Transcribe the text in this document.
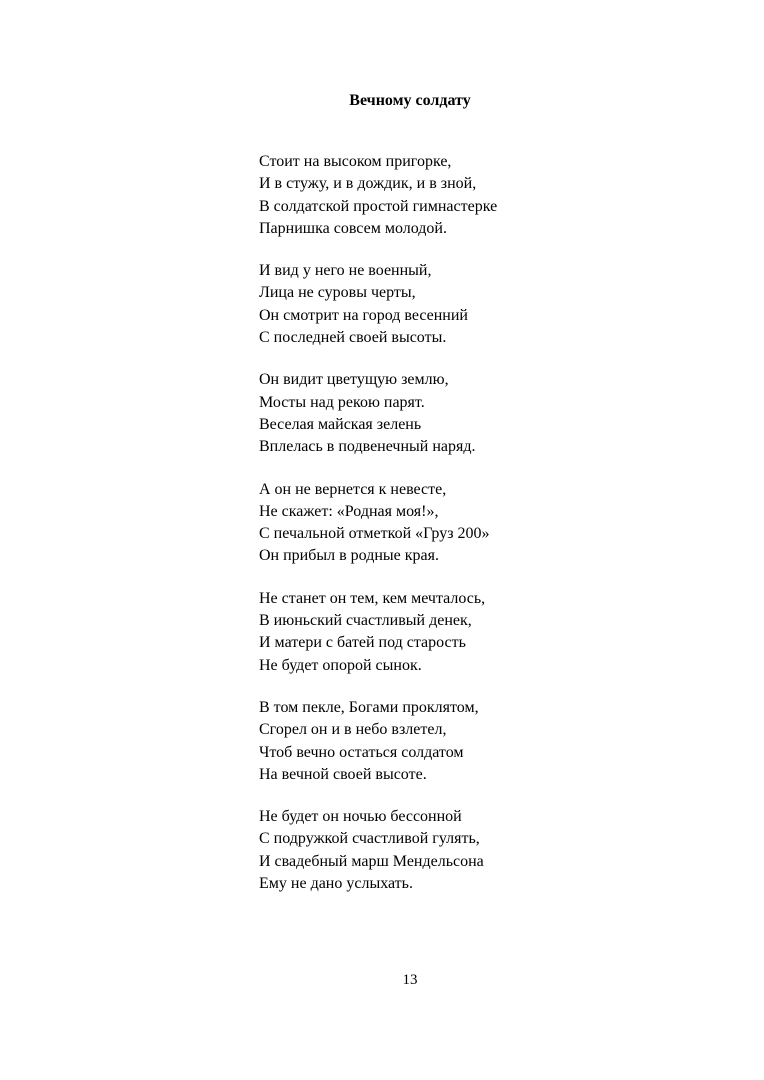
Вечному солдату
Стоит на высоком пригорке,
И в стужу, и в дождик, и в зной,
В солдатской простой гимнастерке
Парнишка совсем молодой.
И вид у него не военный,
Лица не суровы черты,
Он смотрит на город весенний
С последней своей высоты.
Он видит цветущую землю,
Мосты над рекою парят.
Веселая майская зелень
Вплелась в подвенечный наряд.
А он не вернется к невесте,
Не скажет: «Родная моя!»,
С печальной отметкой «Груз 200»
Он прибыл в родные края.
Не станет он тем, кем мечталось,
В июньский счастливый денек,
И матери с батей под старость
Не будет опорой сынок.
В том пекле, Богами проклятом,
Сгорел он и в небо взлетел,
Чтоб вечно остаться солдатом
На вечной своей высоте.
Не будет он ночью бессонной
С подружкой счастливой гулять,
И свадебный марш Мендельсона
Ему не дано услыхать.
13
